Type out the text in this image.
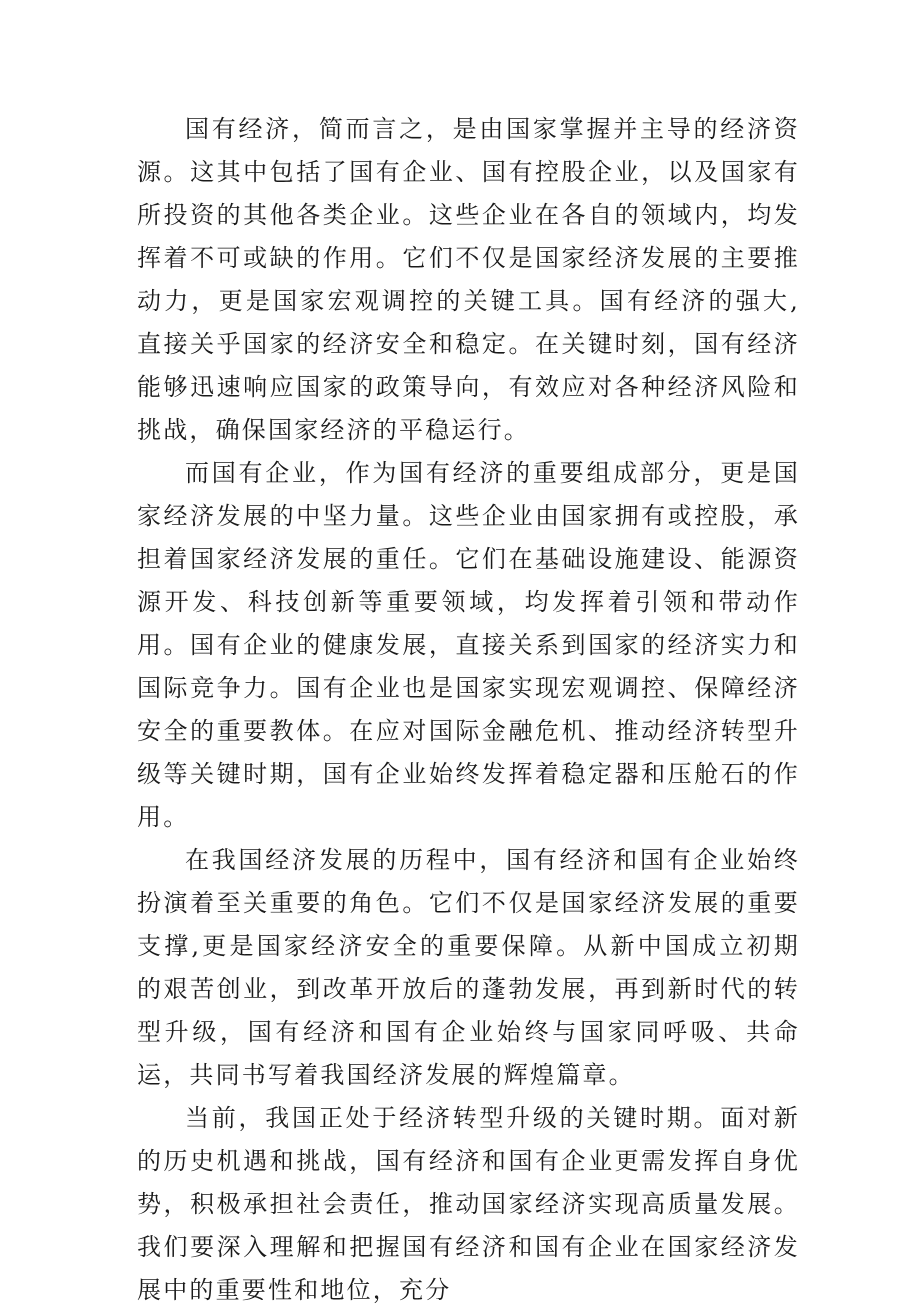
国有经济，简而言之，是由国家掌握并主导的经济资源。这其中包括了国有企业、国有控股企业，以及国家有所投资的其他各类企业。这些企业在各自的领域内，均发挥着不可或缺的作用。它们不仅是国家经济发展的主要推动力，更是国家宏观调控的关键工具。国有经济的强大,直接关乎国家的经济安全和稳定。在关键时刻，国有经济能够迅速响应国家的政策导向，有效应对各种经济风险和挑战，确保国家经济的平稳运行。

而国有企业，作为国有经济的重要组成部分，更是国家经济发展的中坚力量。这些企业由国家拥有或控股，承担着国家经济发展的重任。它们在基础设施建设、能源资源开发、科技创新等重要领域，均发挥着引领和带动作用。国有企业的健康发展，直接关系到国家的经济实力和国际竞争力。国有企业也是国家实现宏观调控、保障经济安全的重要教体。在应对国际金融危机、推动经济转型升级等关键时期，国有企业始终发挥着稳定器和压舱石的作用。

在我国经济发展的历程中，国有经济和国有企业始终扮演着至关重要的角色。它们不仅是国家经济发展的重要支撑,更是国家经济安全的重要保障。从新中国成立初期的艰苦创业，到改革开放后的蓬勃发展，再到新时代的转型升级，国有经济和国有企业始终与国家同呼吸、共命运，共同书写着我国经济发展的辉煌篇章。

当前，我国正处于经济转型升级的关键时期。面对新的历史机遇和挑战，国有经济和国有企业更需发挥自身优势，积极承担社会责任，推动国家经济实现高质量发展。我们要深入理解和把握国有经济和国有企业在国家经济发展中的重要性和地位，充分
